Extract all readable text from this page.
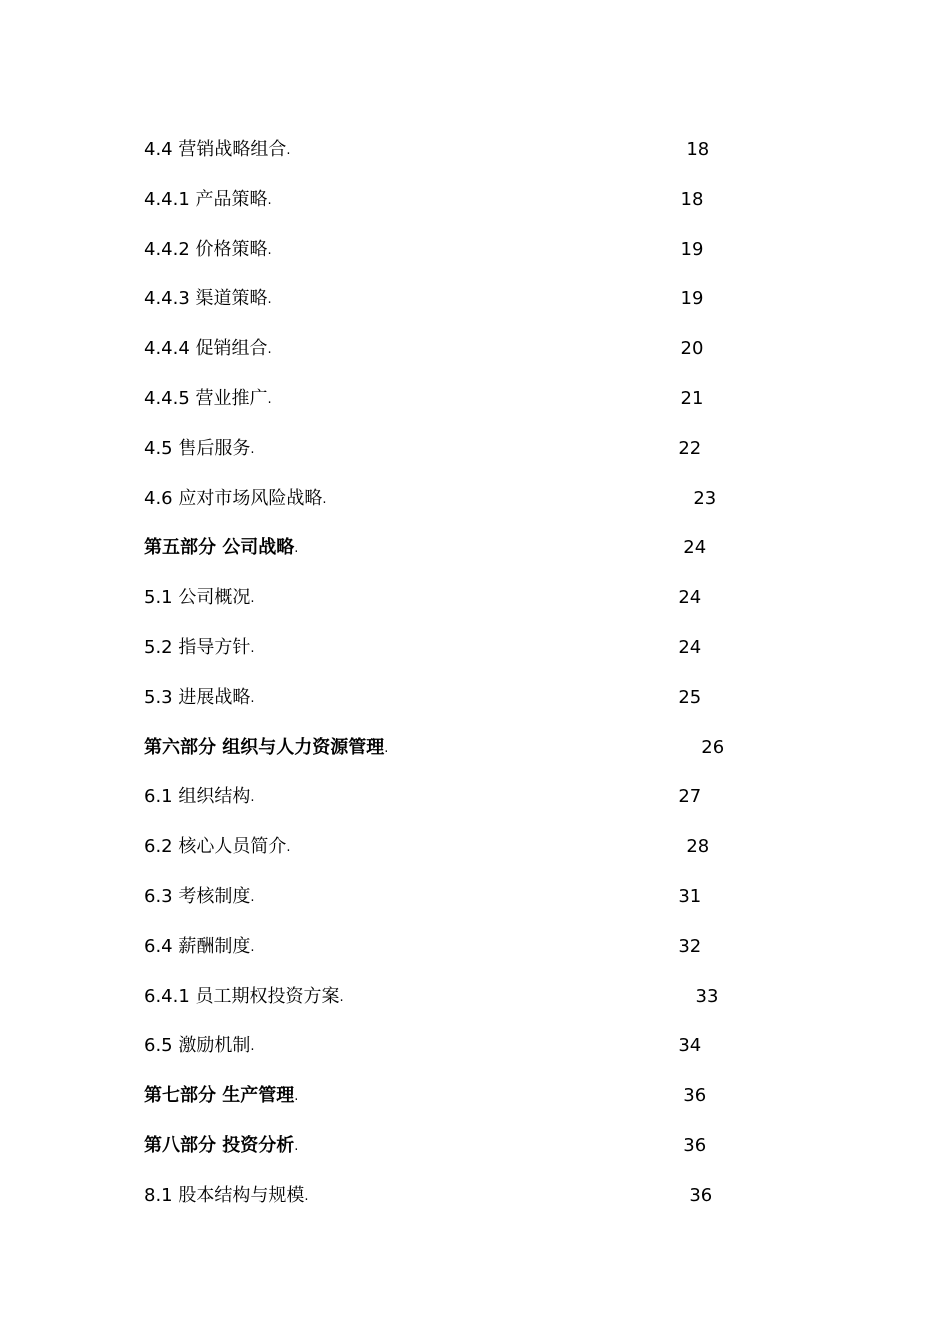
4.4 营销战略组合 .	18
4.4.1 产品策略 .	18
4.4.2 价格策略 .	19
4.4.3 渠道策略 .	19
4.4.4 促销组合 .	20
4.4.5 营业推广 .	21
4.5 售后服务 .	22
4.6 应对市场风险战略 .	23
第五部分 公司战略 .	24
5.1 公司概况 .	24
5.2 指导方针 .	24
5.3 进展战略 .	25
第六部分 组织与人力资源管理 .	26
6.1 组织结构 .	27
6.2 核心人员简介 .	28
6.3 考核制度 .	31
6.4 薪酬制度 .	32
6.4.1 员工期权投资方案 .	33
6.5 激励机制 .	34
第七部分 生产管理 .	36
第八部分 投资分析 .	36
8.1 股本结构与规模 .	36
